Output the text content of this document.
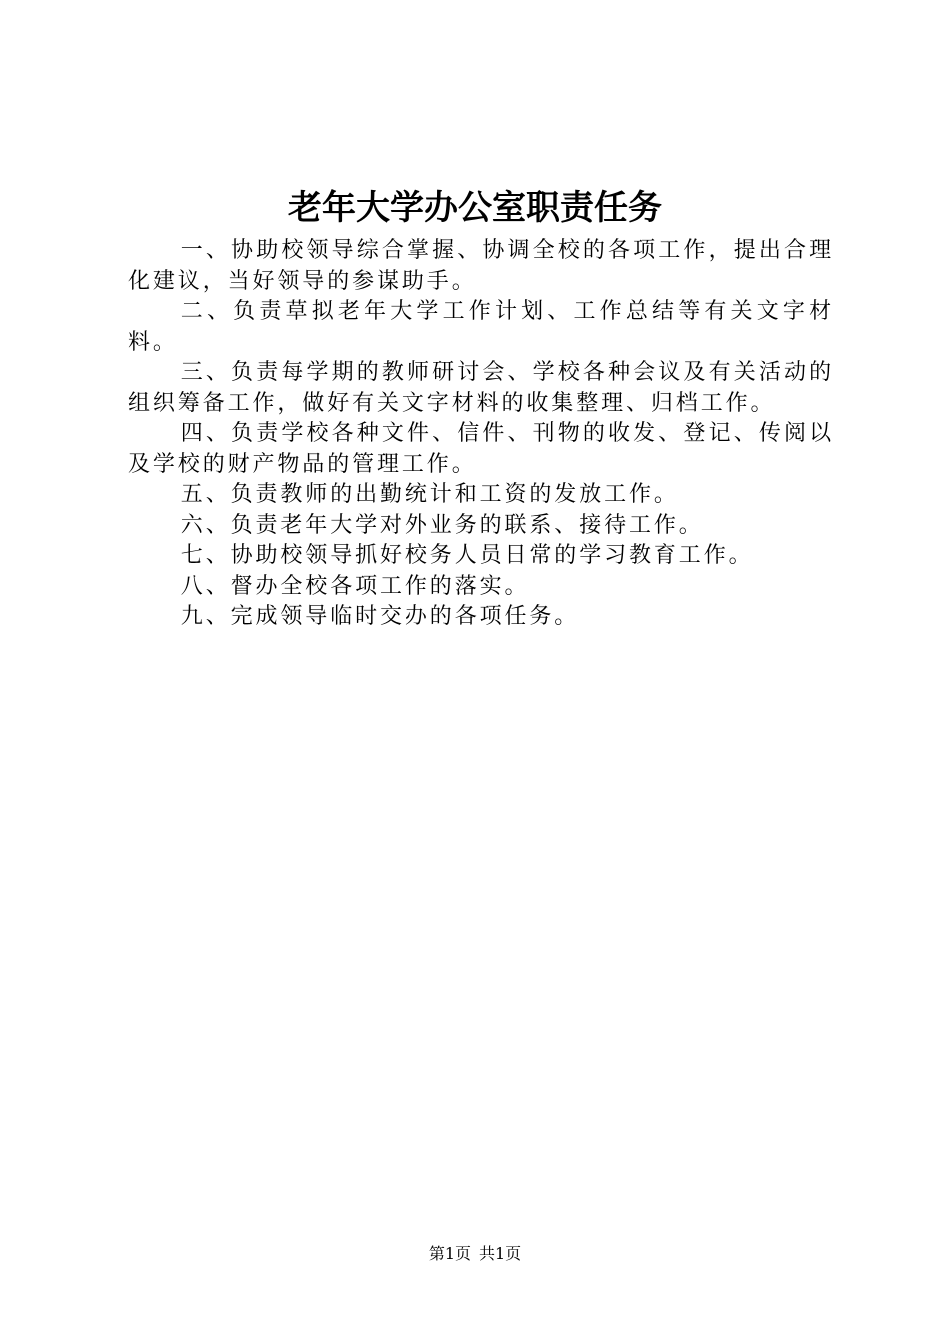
老年大学办公室职责任务

一、协助校领导综合掌握、协调全校的各项工作，提出合理化建议，当好领导的参谋助手。

二、负责草拟老年大学工作计划、工作总结等有关文字材料。

三、负责每学期的教师研讨会、学校各种会议及有关活动的组织筹备工作，做好有关文字材料的收集整理、归档工作。

四、负责学校各种文件、信件、刊物的收发、登记、传阅以及学校的财产物品的管理工作。

五、负责教师的出勤统计和工资的发放工作。

六、负责老年大学对外业务的联系、接待工作。

七、协助校领导抓好校务人员日常的学习教育工作。

八、督办全校各项工作的落实。

九、完成领导临时交办的各项任务。

第1页 共1页
